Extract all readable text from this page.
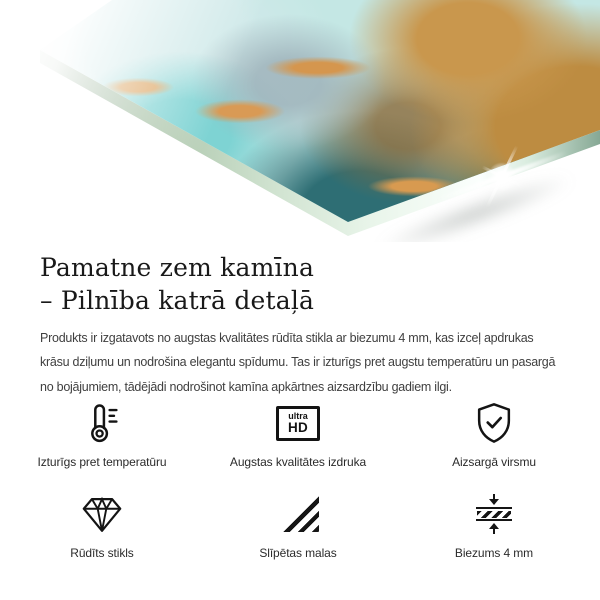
Pamatne zem kamīna
– Pilnība katrā detaļā

Produkts ir izgatavots no augstas kvalitātes rūdīta stikla ar biezumu 4 mm, kas izceļ apdrukas
krāsu dziļumu un nodrošina elegantu spīdumu. Tas ir izturīgs pret augstu temperatūru un pasargā
no bojājumiem, tādējādi nodrošinot kamīna apkārtnes aizsardzību gadiem ilgi.

Izturīgs pret temperatūru
ultra
HD
Augstas kvalitātes izdruka	Aizsargā virsmu
Rūdīts stikls	Slīpētas malas	Biezums 4 mm
